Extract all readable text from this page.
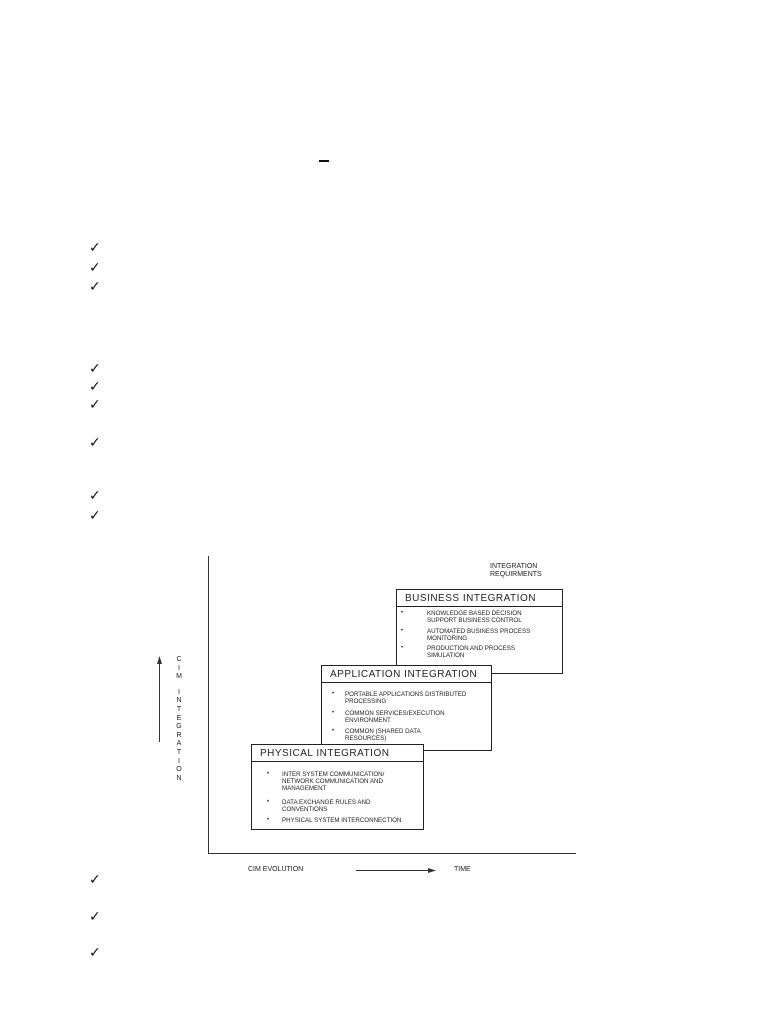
✓
✓
✓
✓
✓
✓
✓
✓
✓
✓
✓
✓
INTEGRATION
REQUIRMENTS
C
I
M
I
N
T
E
G
R
A
T
I
O
N
CIM EVOLUTION	TIME
BUSINESS INTEGRATION
•	KNOWLEDGE BASED DECISION
SUPPORT BUSINESS CONTROL
•	AUTOMATED BUSINESS PROCESS
MONITORING
•	PRODUCTION AND PROCESS
SIMULATION
APPLICATION INTEGRATION
• PORTABLE APPLICATIONS DISTRIBUTED
PROCESSING
• COMMON SERVICES/EXECUTION
ENVIRONMENT
• COMMON (SHARED DATA
RESOURCES)
PHYSICAL INTEGRATION
• INTER SYSTEM COMMUNICATION/
NETWORK COMMUNICATION AND
MANAGEMENT
• DATA EXCHANGE RULES AND
CONVENTIONS
• PHYSICAL SYSTEM INTERCONNECTION
